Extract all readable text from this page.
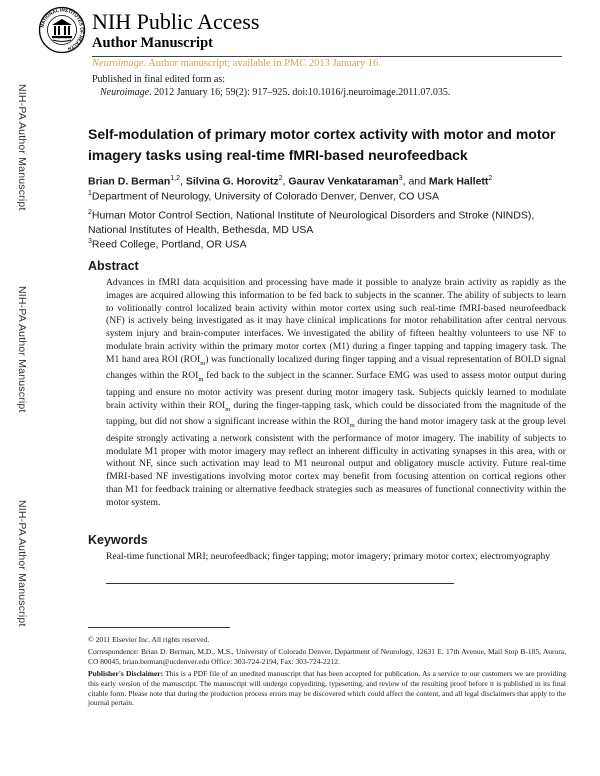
NIH-PA Author Manuscript
NIH-PA Author Manuscript
NIH-PA Author Manuscript
NATIONAL INSTITUTES OF HEALTH
NIH Public Access
Author Manuscript
Neuroimage. Author manuscript; available in PMC 2013 January 16.
Published in final edited form as:
Neuroimage. 2012 January 16; 59(2): 917–925. doi:10.1016/j.neuroimage.2011.07.035.
Self-modulation of primary motor cortex activity with motor and motor imagery tasks using real-time fMRI-based neurofeedback
Brian D. Berman$^{1,2}$, Silvina G. Horovitz$^2$, Gaurav Venkataraman$^3$, and Mark Hallett$^2$
$^1$Department of Neurology, University of Colorado Denver, Denver, CO USA
$^2$Human Motor Control Section, National Institute of Neurological Disorders and Stroke (NINDS), National Institutes of Health, Bethesda, MD USA
$^3$Reed College, Portland, OR USA
Abstract

Advances in fMRI data acquisition and processing have made it possible to analyze brain activity as rapidly as the images are acquired allowing this information to be fed back to subjects in the scanner. The ability of subjects to learn to volitionally control localized brain activity within motor cortex using such real-time fMRI-based neurofeedback (NF) is actively being investigated as it may have clinical implications for motor rehabilitation after central nervous system injury and brain-computer interfaces. We investigated the ability of fifteen healthy volunteers to use NF to modulate brain activity within the primary motor cortex (M1) during a finger tapping and tapping imagery task. The M1 hand area ROI $(ROI_m)$ was functionally localized during finger tapping and a visual representation of BOLD signal changes within the $ROI_m$ fed back to the subject in the scanner. Surface EMG was used to assess motor output during tapping and ensure no motor activity was present during motor imagery task. Subjects quickly learned to modulate brain activity within their $ROI_m$ during the finger-tapping task, which could be dissociated from the magnitude of the tapping, but did not show a significant increase within the $ROI_m$ during the hand motor imagery task at the group level despite strongly activating a network consistent with the performance of motor imagery. The inability of subjects to modulate M1 proper with motor imagery may reflect an inherent difficulty in activating synapses in this area, with or without NF, since such activation may lead to M1 neuronal output and obligatory muscle activity. Future real-time fMRI-based NF investigations involving motor cortex may benefit from focusing attention on cortical regions other than M1 for feedback training or alternative feedback strategies such as measures of functional connectivity within the motor system.

Keywords

Real-time functional MRI; neurofeedback; finger tapping; motor imagery; primary motor cortex; electromyography

© 2011 Elsevier Inc. All rights reserved.
Correspondence: Brian D. Berman, M.D., M.S., University of Colorado Denver, Department of Neurology, 12631 E. 17th Avenue, Mail Stop B-185, Aurora, CO 80045, brian.berman@ucdenver.edu Office: 303-724-2194, Fax: 303-724-2212.
Publisher's Disclaimer: This is a PDF file of an unedited manuscript that has been accepted for publication. As a service to our customers we are providing this early version of the manuscript. The manuscript will undergo copyediting, typesetting, and review of the resulting proof before it is published in its final citable form. Please note that during the production process errors may be discovered which could affect the content, and all legal disclaimers that apply to the journal pertain.
